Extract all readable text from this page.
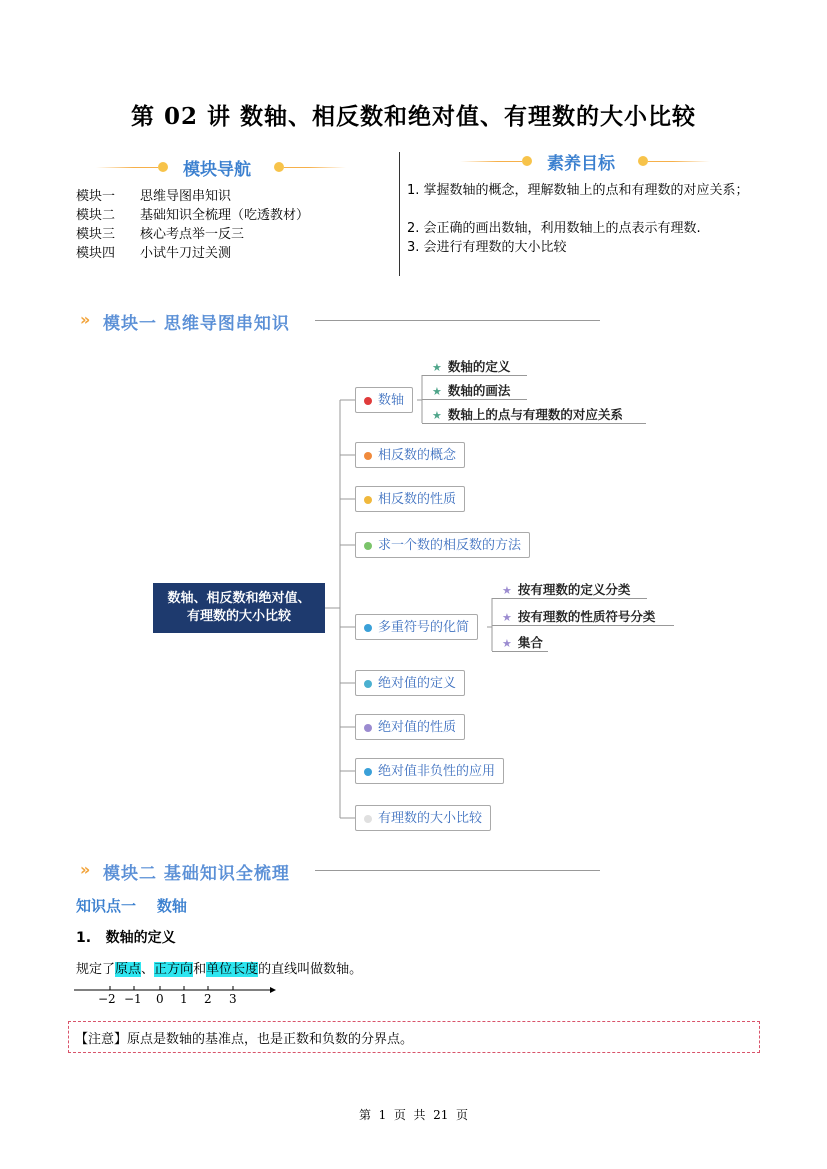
第 02 讲 数轴、相反数和绝对值、有理数的大小比较
模块导航
模块一 思维导图串知识
模块二 基础知识全梳理（吃透教材）
模块三 核心考点举一反三
模块四 小试牛刀过关测
素养目标
1. 掌握数轴的概念，理解数轴上的点和有理数的对应关系；
2. 会正确的画出数轴，利用数轴上的点表示有理数.
3. 会进行有理数的大小比较
» 模块一 思维导图串知识
数轴、相反数和绝对值、
有理数的大小比较
数轴
相反数的概念
相反数的性质
求一个数的相反数的方法
多重符号的化简
绝对值的定义
绝对值的性质
绝对值非负性的应用
有理数的大小比较
★ 数轴的定义
★ 数轴的画法
★ 数轴上的点与有理数的对应关系
★ 按有理数的定义分类
★ 按有理数的性质符号分类
★ 集合
» 模块二 基础知识全梳理
知识点一    数轴
1.   数轴的定义
规定了原点、正方向和单位长度的直线叫做数轴。
−2 −1 0 1 2 3
【注意】原点是数轴的基准点，也是正数和负数的分界点。
第  1  页  共  21  页
